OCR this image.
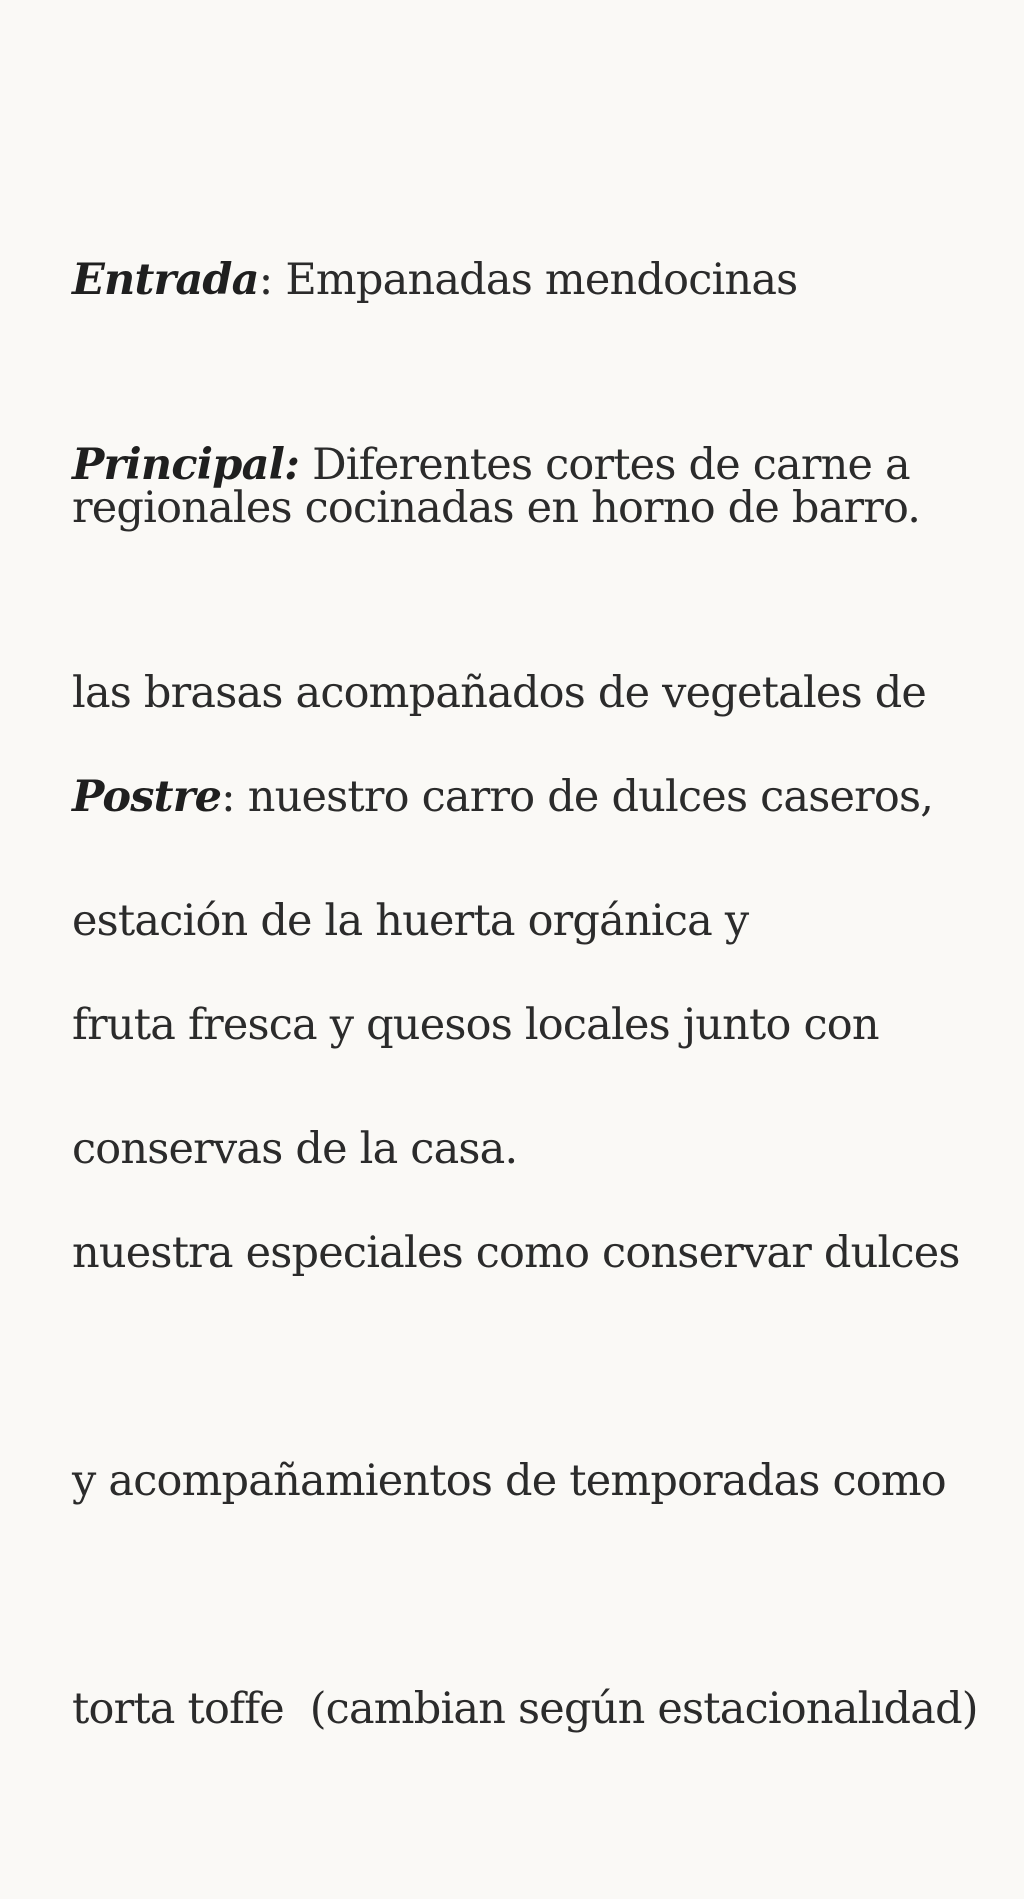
Entrada: Empanadas mendocinas

regionales cocinadas en horno de barro.

Principal: Diferentes cortes de carne a

las brasas acompañados de vegetales de

estación de la huerta orgánica y

conservas de la casa.

Postre: nuestro carro de dulces caseros,

fruta fresca y quesos locales junto con

nuestra especiales como conservar dulces

y acompañamientos de temporadas como

torta toffe  (cambian según estacionalıdad)
